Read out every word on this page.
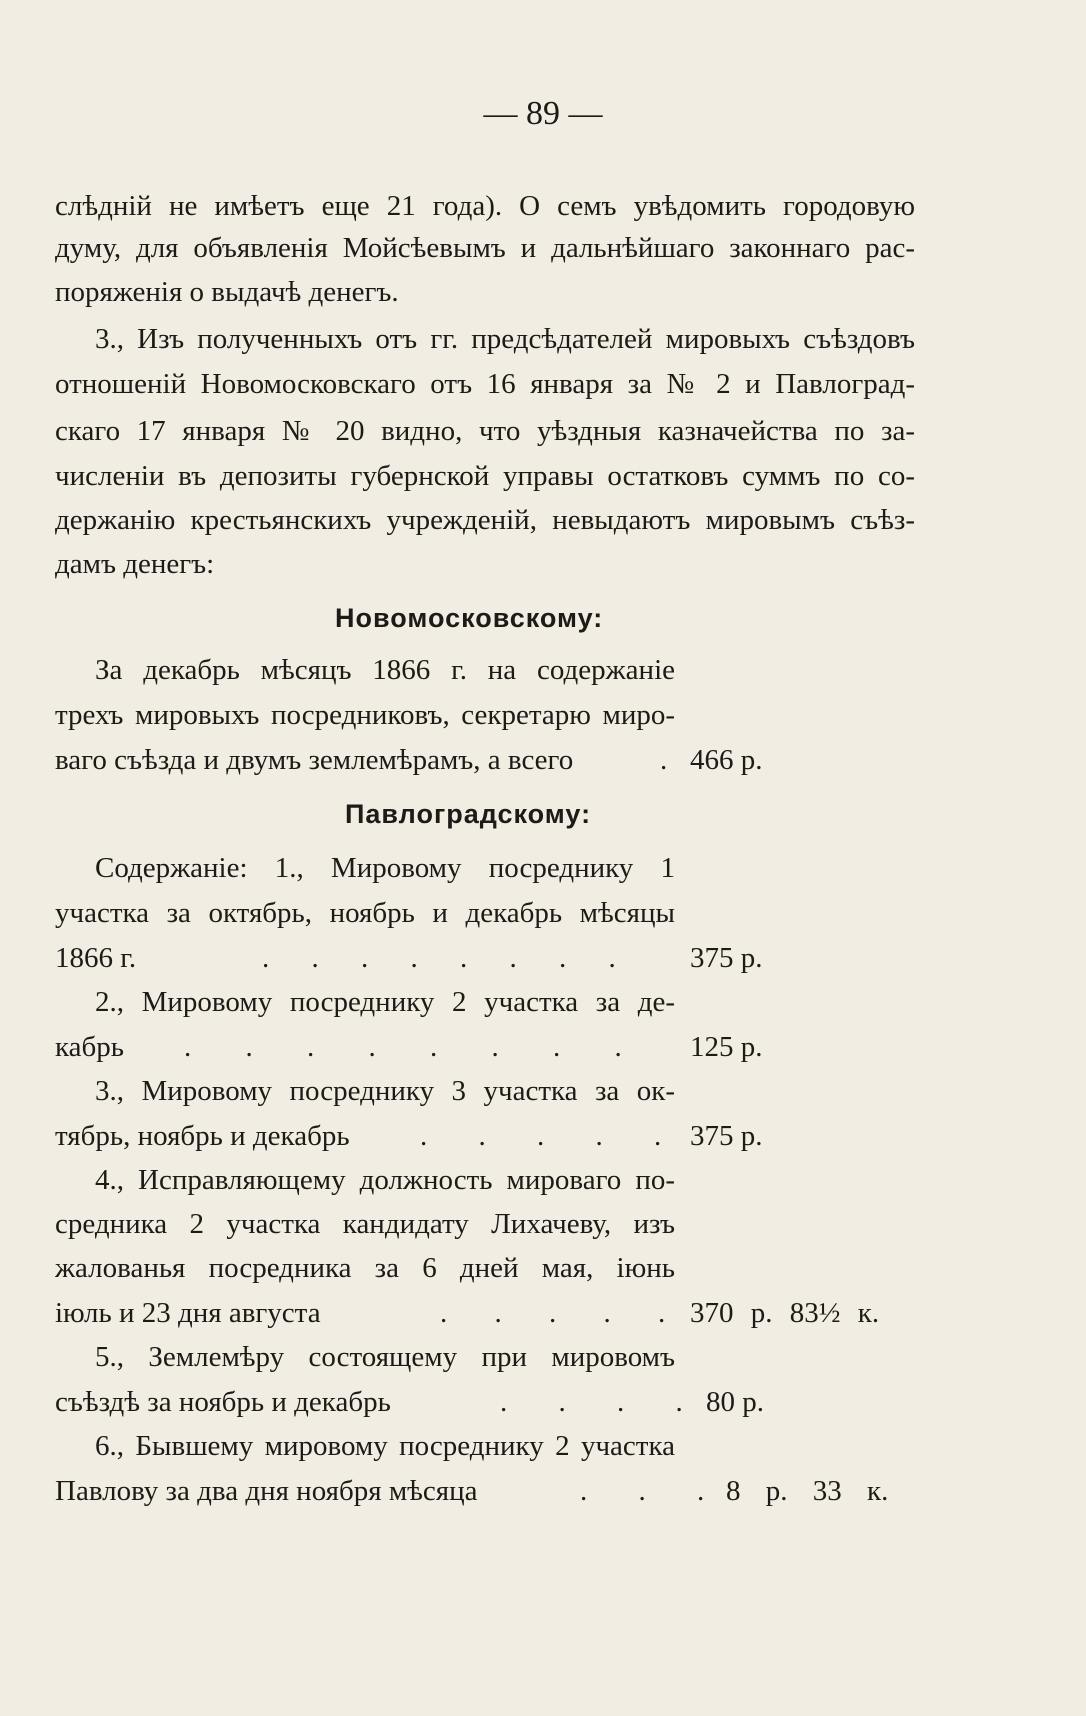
— 89 —

слѣдній не имѣетъ еще 21 года). О семъ увѣдомить городовую

думу, для объявленія Мойсѣевымъ и дальнѣйшаго законнаго рас-

поряженія о выдачѣ денегъ.

3., Изъ полученныхъ отъ гг. предсѣдателей мировыхъ съѣздовъ

отношеній Новомосковскаго отъ 16 января за № 2 и Павлоград-

скаго 17 января № 20 видно, что уѣздныя казначейства по за-

численіи въ депозиты губернской управы остатковъ суммъ по со-

держанію крестьянскихъ учрежденій, невыдаютъ мировымъ съѣз-

дамъ денегъ:

Новомосковскому:

За декабрь мѣсяцъ 1866 г. на содержаніе

трехъ мировыхъ посредниковъ, секретарю миро-

ваго съѣзда и двумъ землемѣрамъ, а всего	. 466 р.
Павлоградскому:

Содержаніе: 1., Мировому посреднику 1

участка за октябрь, ноябрь и декабрь мѣсяцы

1866 г.	. . . . . . . .	375 р.

2., Мировому посреднику 2 участка за де-

кабрь . . . . . . . . 125 р.

3., Мировому посреднику 3 участка за ок-

тябрь, ноябрь и декабрь . . . . . 375 р.

4., Исправляющему должность мироваго по-

средника 2 участка кандидату Лихачеву, изъ

жалованья посредника за 6 дней мая, іюнь

іюль и 23 дня августа	. . . . . 370 р. 83½ к.

5., Землемѣру состоящему при мировомъ

съѣздѣ за ноябрь и декабрь	. . . . 80 р.

6., Бывшему мировому посреднику 2 участка

Павлову за два дня ноября мѣсяца	. . . 8 р. 33 к.
